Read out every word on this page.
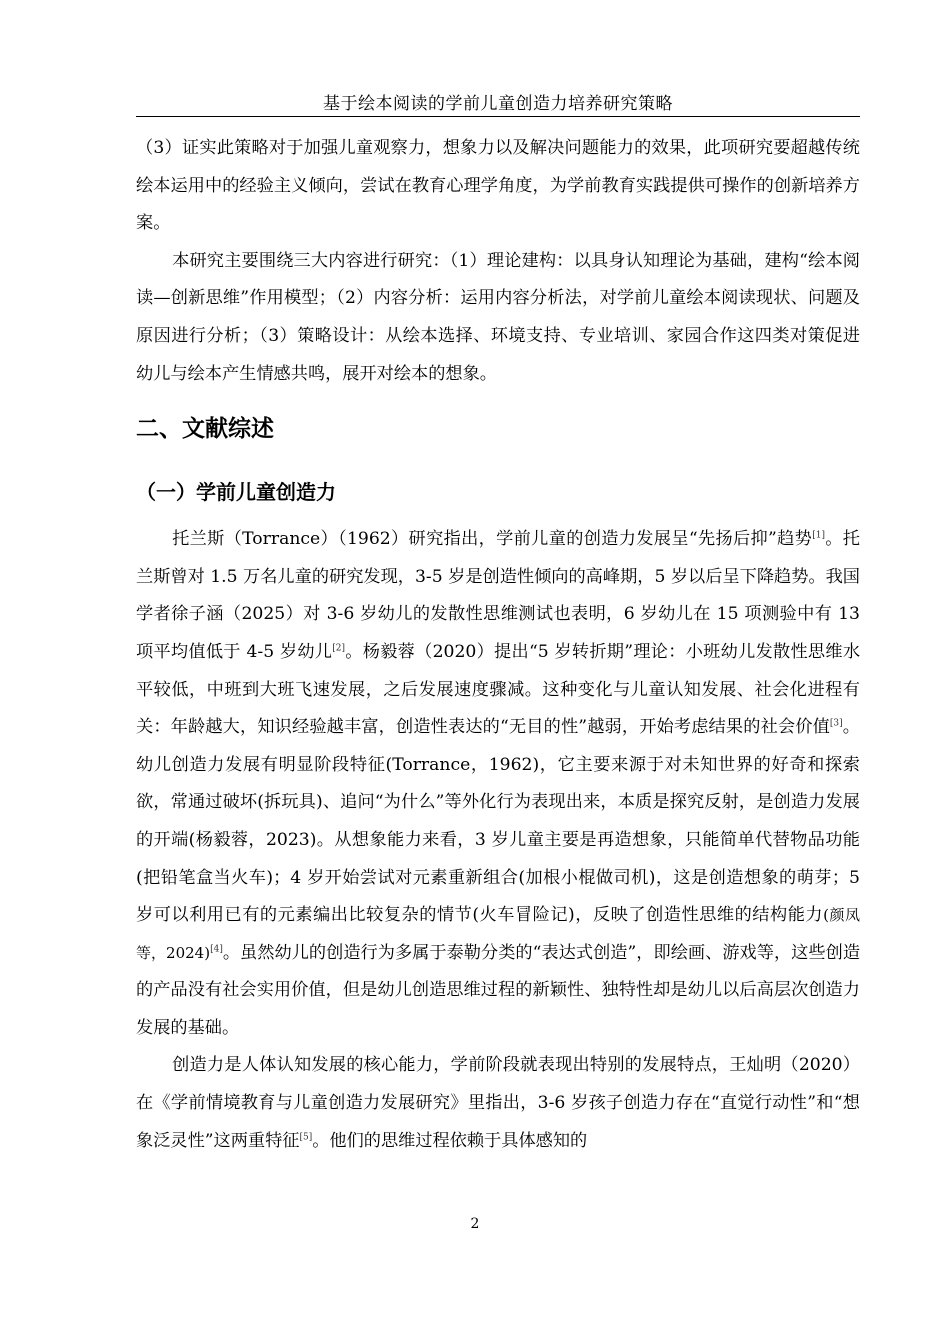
基于绘本阅读的学前儿童创造力培养研究策略

（3）证实此策略对于加强儿童观察力，想象力以及解决问题能力的效果，此项研究要超越传统绘本运用中的经验主义倾向，尝试在教育心理学角度，为学前教育实践提供可操作的创新培养方案。

本研究主要围绕三大内容进行研究：（1）理论建构：以具身认知理论为基础，建构“绘本阅读—创新思维”作用模型；（2）内容分析：运用内容分析法，对学前儿童绘本阅读现状、问题及原因进行分析；（3）策略设计：从绘本选择、环境支持、专业培训、家园合作这四类对策促进幼儿与绘本产生情感共鸣，展开对绘本的想象。

二、文献综述
（一）学前儿童创造力

托兰斯（Torrance）（1962）研究指出，学前儿童的创造力发展呈“先扬后抑”趋势[1]。托兰斯曾对 1.5 万名儿童的研究发现，3-5 岁是创造性倾向的高峰期，5 岁以后呈下降趋势。我国学者徐子涵（2025）对 3-6 岁幼儿的发散性思维测试也表明，6 岁幼儿在 15 项测验中有 13 项平均值低于 4-5 岁幼儿[2]。杨毅蓉（2020）提出“5 岁转折期”理论：小班幼儿发散性思维水平较低，中班到大班飞速发展，之后发展速度骤减。这种变化与儿童认知发展、社会化进程有关：年龄越大，知识经验越丰富，创造性表达的“无目的性”越弱，开始考虑结果的社会价值[3]。幼儿创造力发展有明显阶段特征(Torrance，1962)，它主要来源于对未知世界的好奇和探索欲，常通过破坏(拆玩具)、追问“为什么”等外化行为表现出来，本质是探究反射，是创造力发展的开端(杨毅蓉，2023)。从想象能力来看，3 岁儿童主要是再造想象，只能简单代替物品功能(把铅笔盒当火车)；4 岁开始尝试对元素重新组合(加根小棍做司机)，这是创造想象的萌芽；5 岁可以利用已有的元素编出比较复杂的情节(火车冒险记)，反映了创造性思维的结构能力(颜凤等，2024)[4]。虽然幼儿的创造行为多属于泰勒分类的“表达式创造”，即绘画、游戏等，这些创造的产品没有社会实用价值，但是幼儿创造思维过程的新颖性、独特性却是幼儿以后高层次创造力发展的基础。

创造力是人体认知发展的核心能力，学前阶段就表现出特别的发展特点，王灿明（2020）在《学前情境教育与儿童创造力发展研究》里指出，3-6 岁孩子创造力存在“直觉行动性”和“想象泛灵性”这两重特征[5]。他们的思维过程依赖于具体感知的

2
